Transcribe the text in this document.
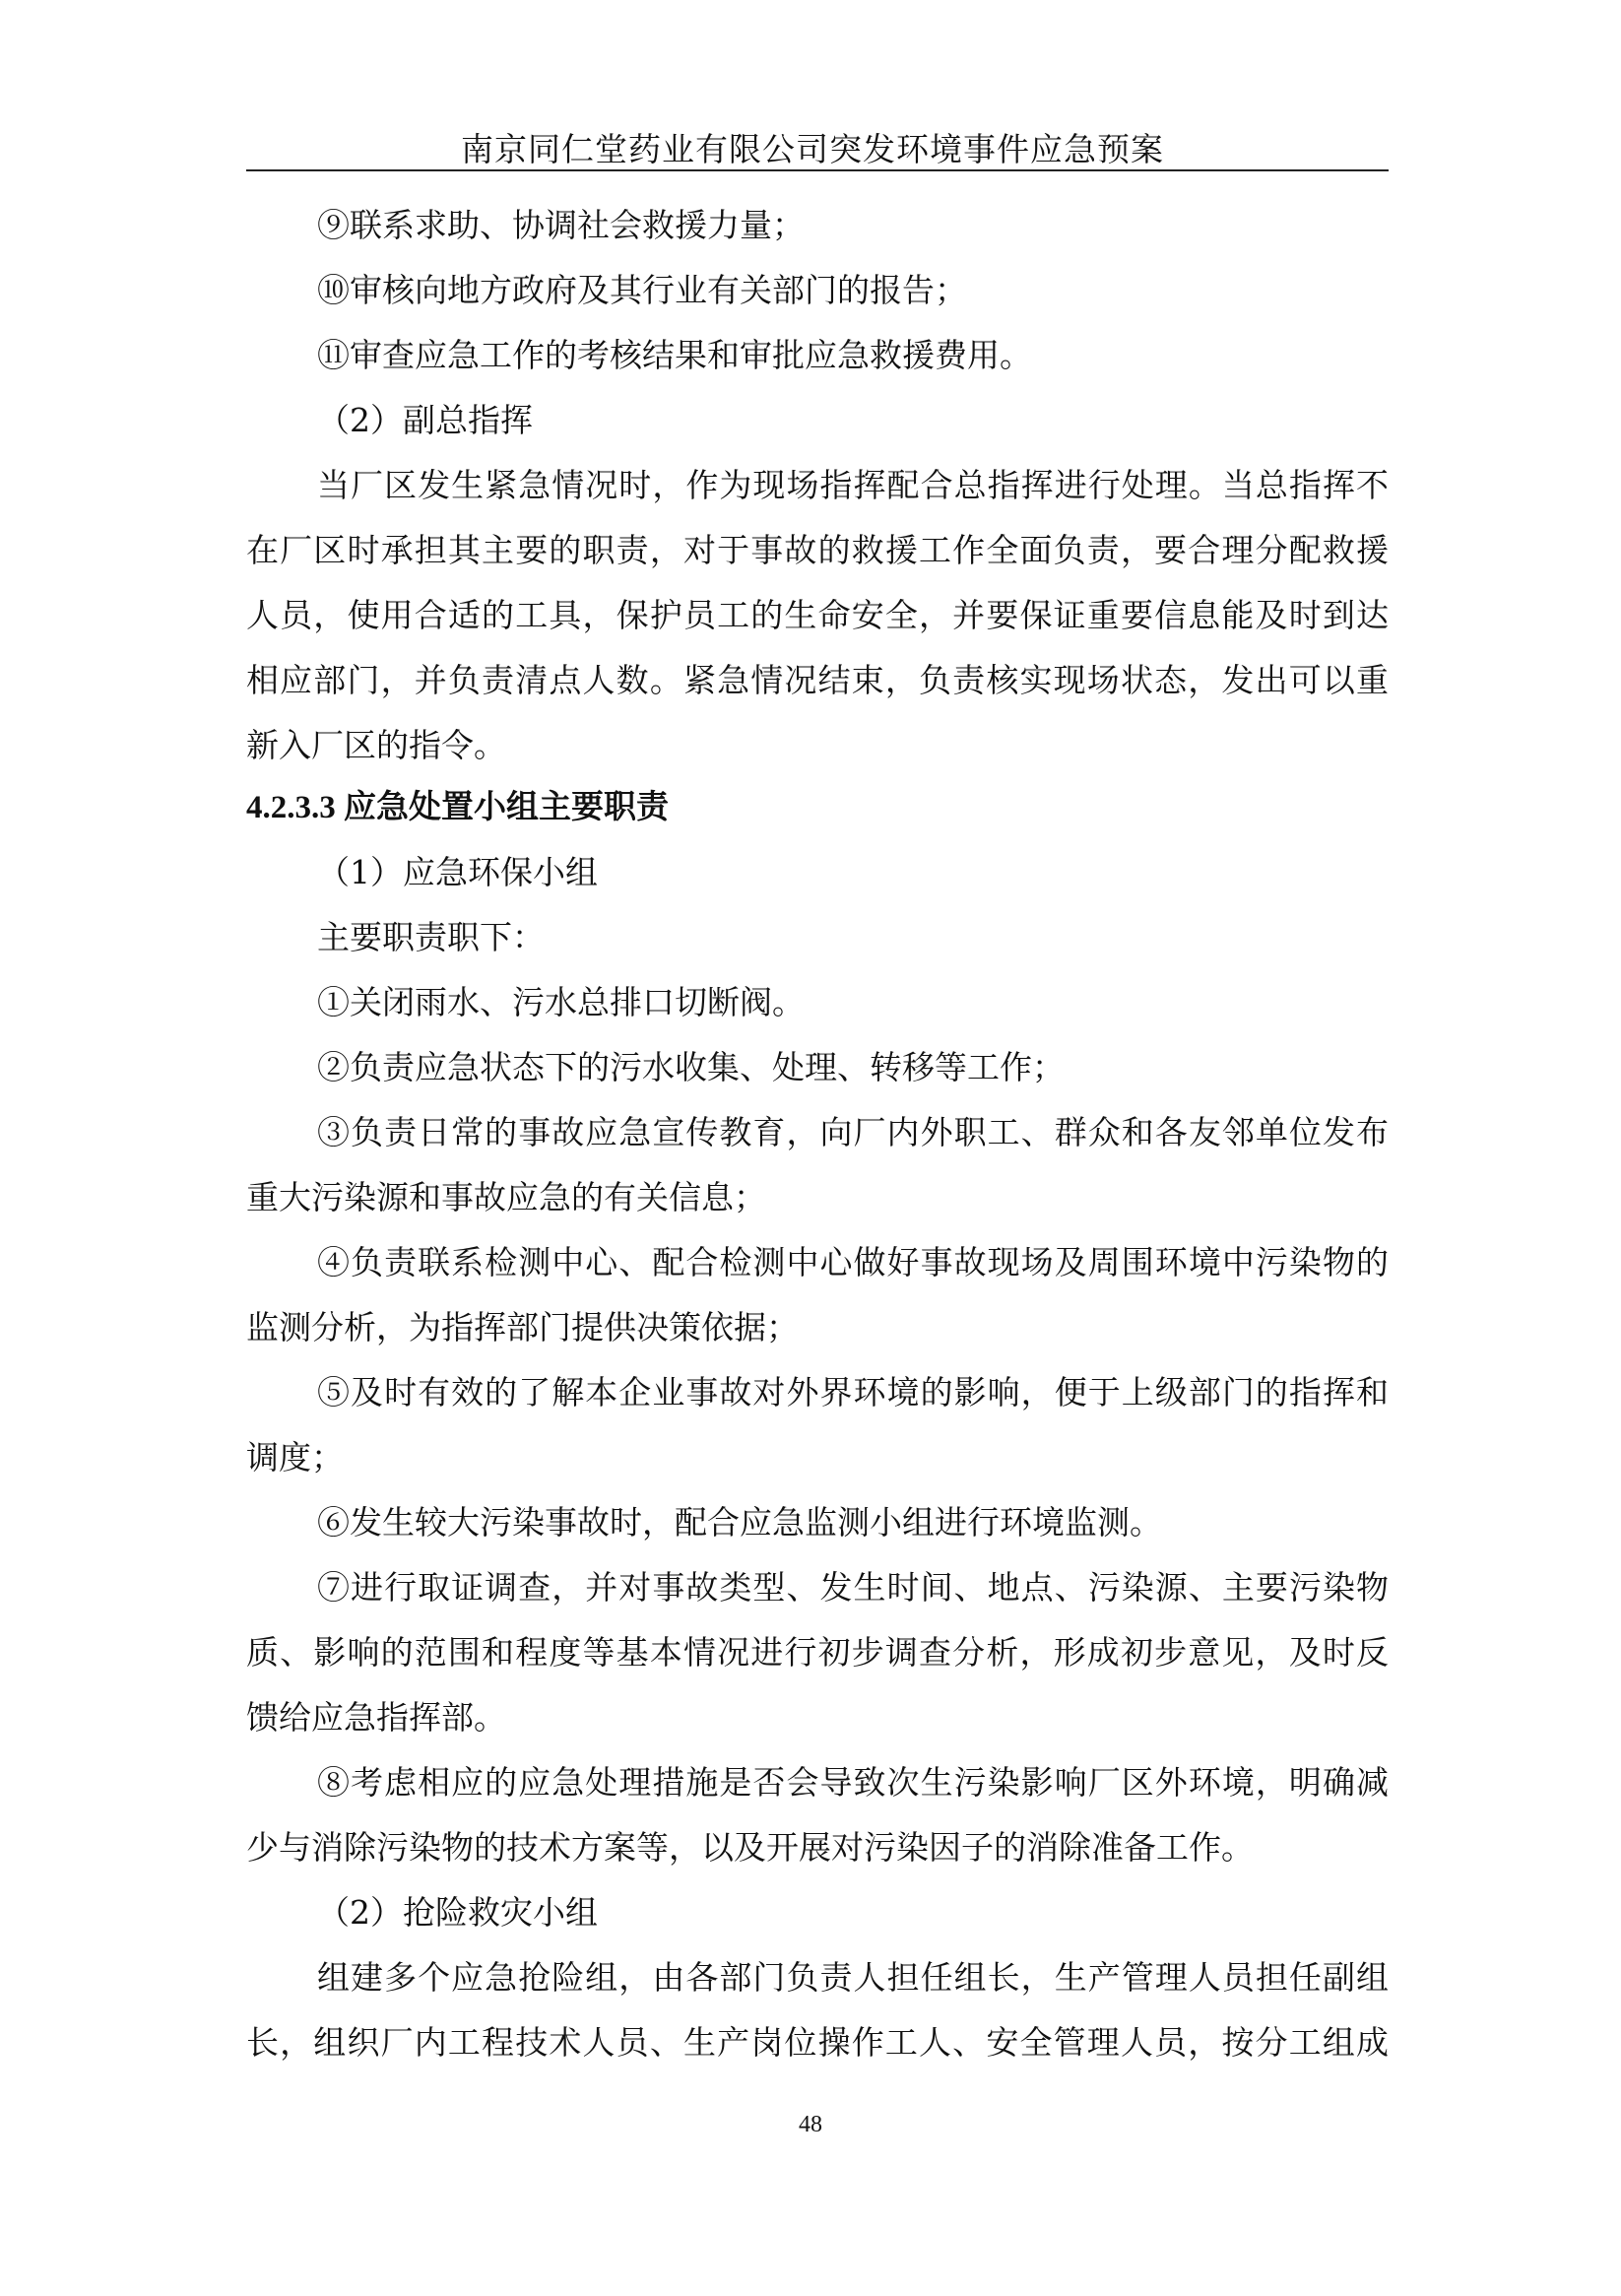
南京同仁堂药业有限公司突发环境事件应急预案
⑨联系求助、协调社会救援力量；
⑩审核向地方政府及其行业有关部门的报告；
⑪审查应急工作的考核结果和审批应急救援费用。
（2）副总指挥
当厂区发生紧急情况时，作为现场指挥配合总指挥进行处理。当总指挥不
在厂区时承担其主要的职责，对于事故的救援工作全面负责，要合理分配救援
人员，使用合适的工具，保护员工的生命安全，并要保证重要信息能及时到达
相应部门，并负责清点人数。紧急情况结束，负责核实现场状态，发出可以重
新入厂区的指令。
4.2.3.3 应急处置小组主要职责
（1）应急环保小组
主要职责职下：
①关闭雨水、污水总排口切断阀。
②负责应急状态下的污水收集、处理、转移等工作；
③负责日常的事故应急宣传教育，向厂内外职工、群众和各友邻单位发布
重大污染源和事故应急的有关信息；
④负责联系检测中心、配合检测中心做好事故现场及周围环境中污染物的
监测分析，为指挥部门提供决策依据；
⑤及时有效的了解本企业事故对外界环境的影响，便于上级部门的指挥和
调度；
⑥发生较大污染事故时，配合应急监测小组进行环境监测。
⑦进行取证调查，并对事故类型、发生时间、地点、污染源、主要污染物
质、影响的范围和程度等基本情况进行初步调查分析，形成初步意见，及时反
馈给应急指挥部。
⑧考虑相应的应急处理措施是否会导致次生污染影响厂区外环境，明确减
少与消除污染物的技术方案等，以及开展对污染因子的消除准备工作。
（2）抢险救灾小组
组建多个应急抢险组，由各部门负责人担任组长，生产管理人员担任副组
长，组织厂内工程技术人员、生产岗位操作工人、安全管理人员，按分工组成
48
